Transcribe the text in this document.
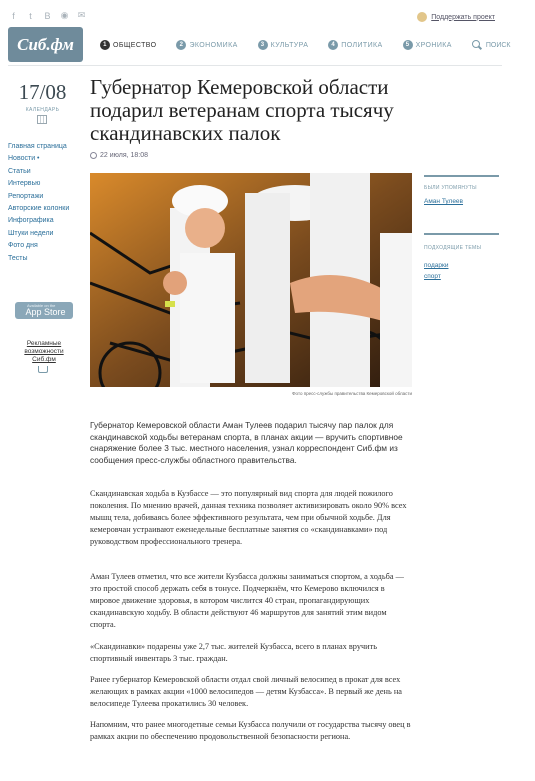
f	t	B ◉ ✉	Поддержать проект
Сиб.фм	1 ОБЩЕСТВО	2 ЭКОНОМИКА	3 КУЛЬТУРА	4 ПОЛИТИКА	5 ХРОНИКА	ПОИСК
17/08
КАЛЕНДАРЬ
Главная страница
Новости •
Статьи
Интервью
Репортажи
Авторские колонки
Инфографика
Штуки недели
Фото дня
Тесты
Available on the
App Store
Рекламные возможности Сиб.фм
Губернатор Кемеровской области подарил ветеранам спорта тысячу скандинавских палок
22 июля, 18:08
Фото пресс-службы правительства Кемеровской области
БЫЛИ УПОМЯНУТЫ
Аман Тулеев
ПОДХОДЯЩИЕ ТЕМЫ
подарки
спорт

Губернатор Кемеровской области Аман Тулеев подарил тысячу пар палок для скандинавской ходьбы ветеранам спорта, в планах акции — вручить спортивное снаряжение более 3 тыс. местного населения, узнал корреспондент Сиб.фм из сообщения пресс-службы областного правительства.

Скандинавская ходьба в Кузбассе — это популярный вид спорта для людей пожилого поколения. По мнению врачей, данная техника позволяет активизировать около 90% всех мышц тела, добиваясь более эффективного результата, чем при обычной ходьбе. Для кемеровчан устраивают еженедельные бесплатные занятия со «скандинавками» под руководством профессионального тренера.

Аман Тулеев отметил, что все жители Кузбасса должны заниматься спортом, а ходьба — это простой способ держать себя в тонусе. Подчеркнём, что Кемерово включился в мировое движение здоровья, в котором числится 40 стран, пропагандирующих скандинавскую ходьбу. В области действуют 46 маршрутов для занятий этим видом спорта.

«Скандинавки» подарены уже 2,7 тыс. жителей Кузбасса, всего в планах вручить спортивный инвентарь 3 тыс. граждан.

Ранее губернатор Кемеровской области отдал свой личный велосипед в прокат для всех желающих в рамках акции «1000 велосипедов — детям Кузбасса». В первый же день на велосипеде Тулеева прокатились 30 человек.

Напомним, что ранее многодетные семьи Кузбасса получили от государства тысячу овец в рамках акции по обеспечению продовольственной безопасности региона.
